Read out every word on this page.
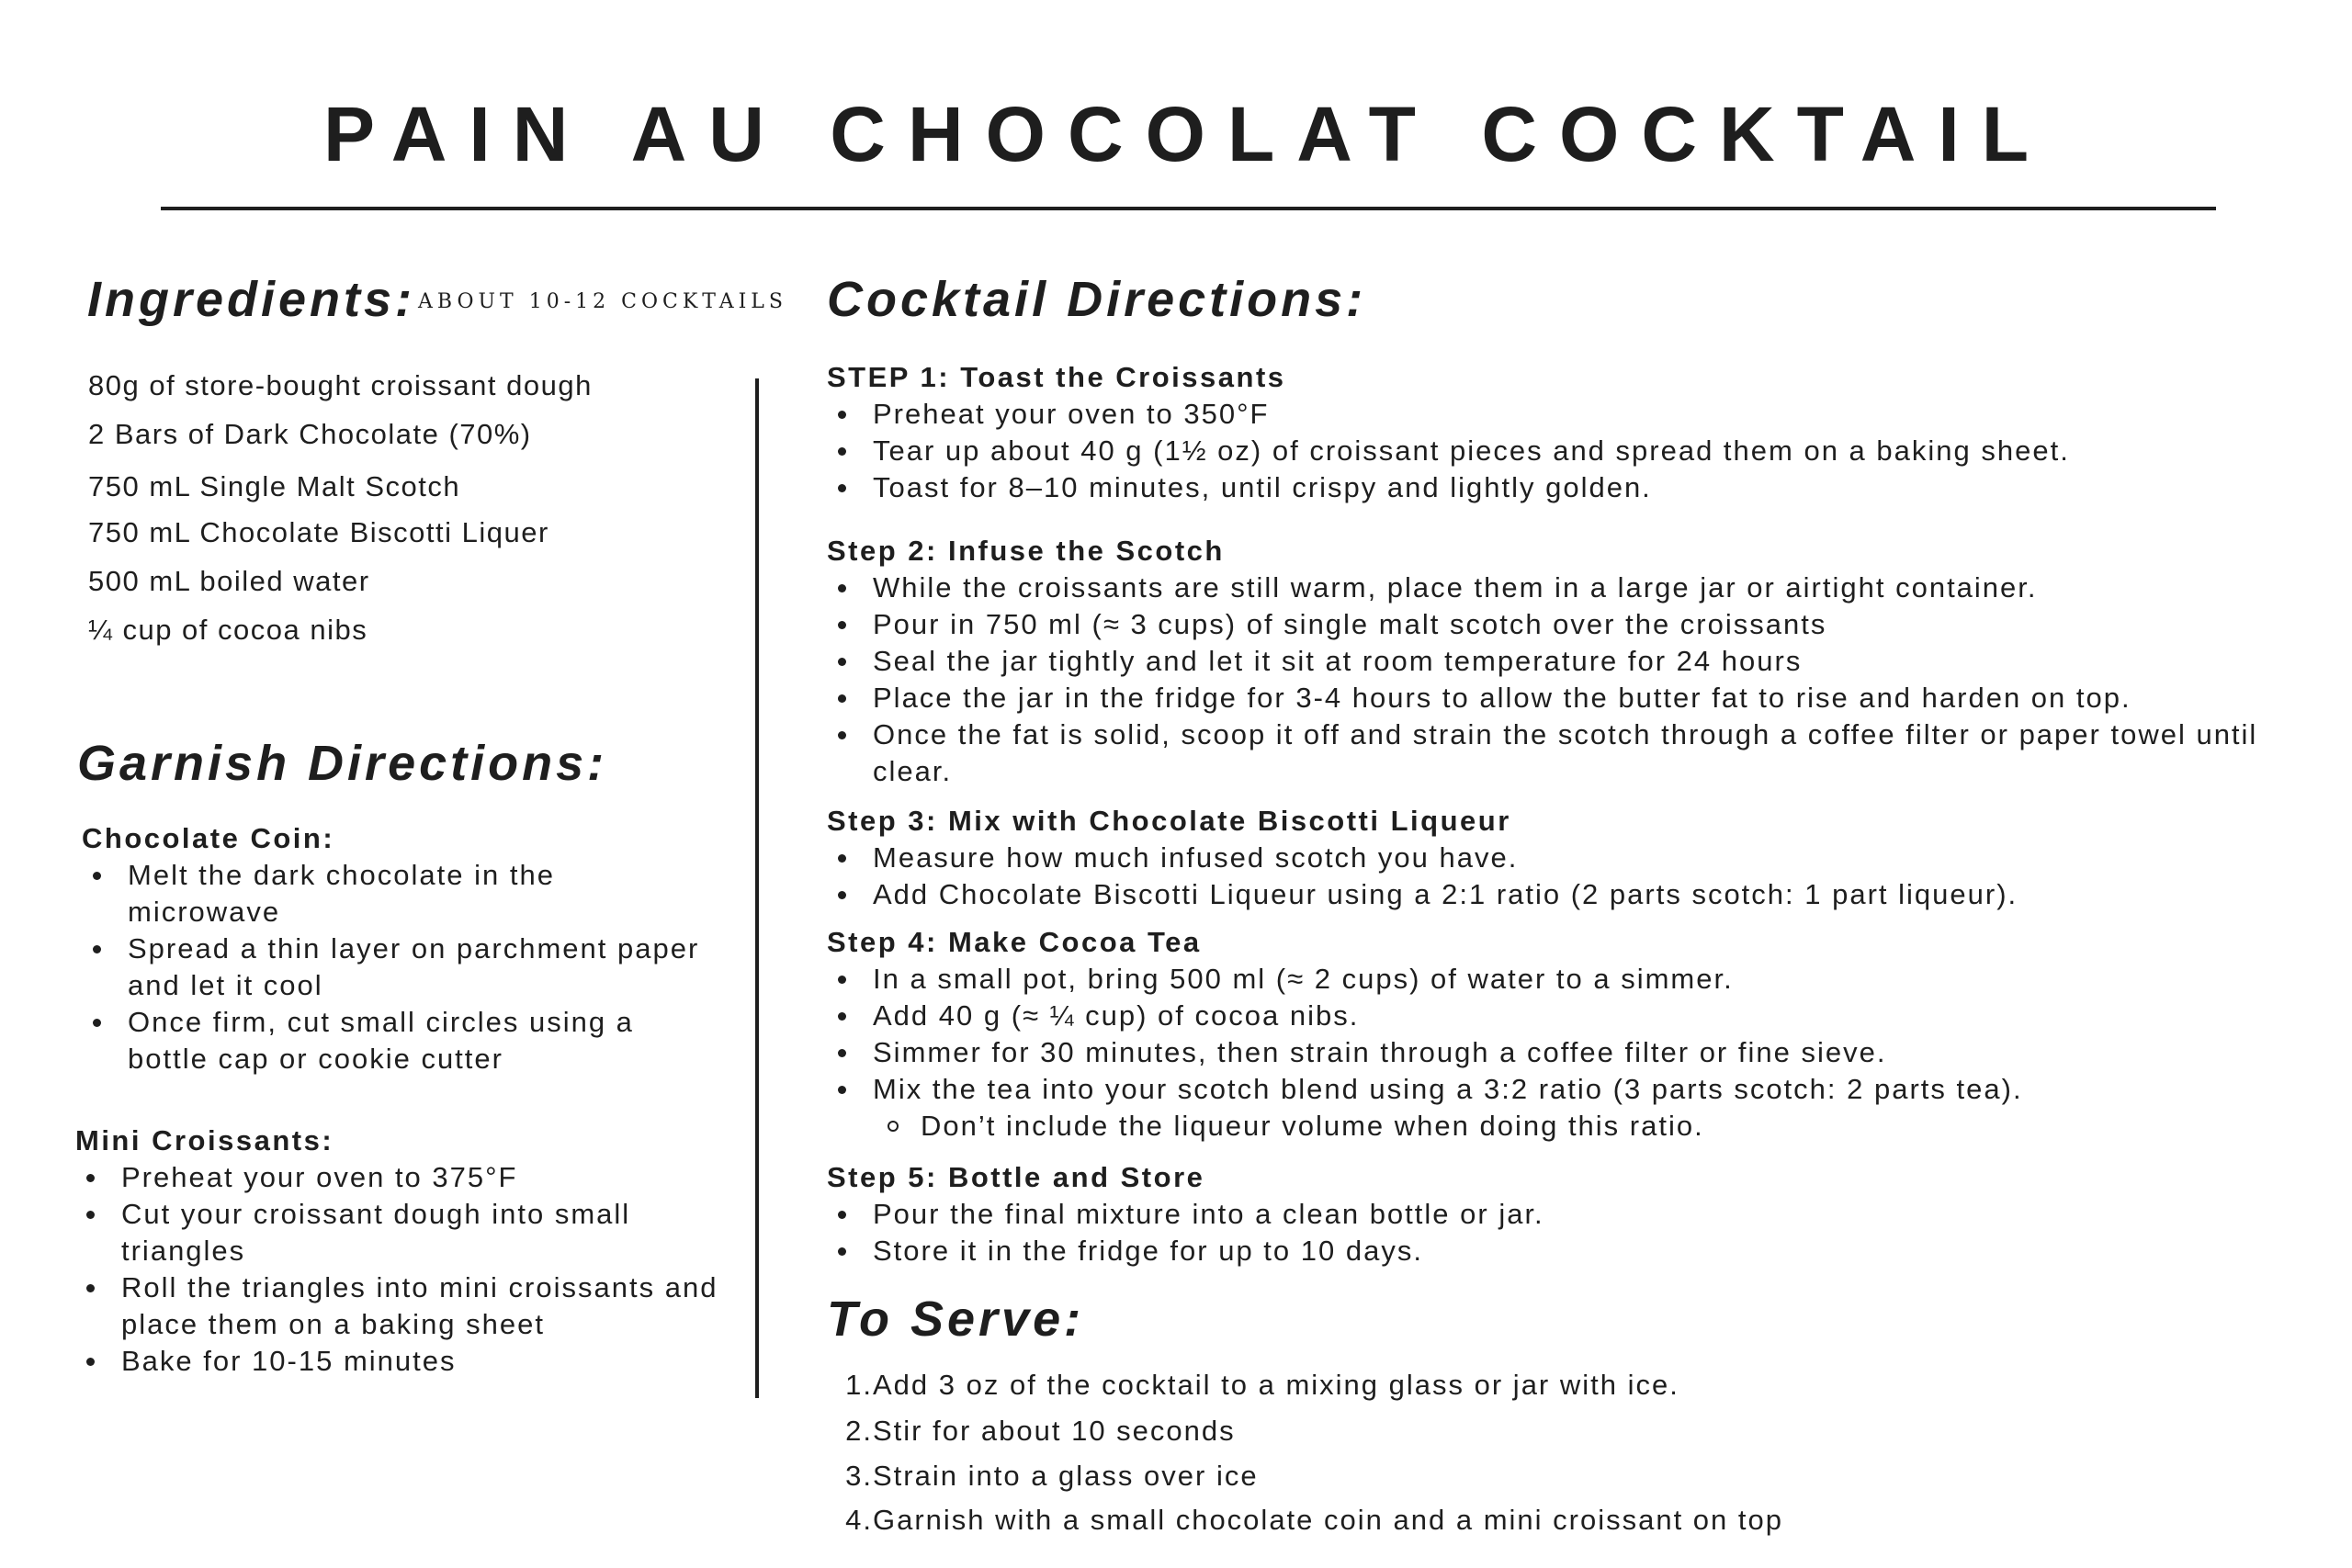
PAIN AU CHOCOLAT COCKTAIL
Ingredients: ABOUT 10-12 COCKTAILS
80g of store-bought croissant dough
2 Bars of Dark Chocolate (70%)
750 mL Single Malt Scotch
750 mL Chocolate Biscotti Liquer
500 mL boiled water
¼ cup of cocoa nibs
Garnish Directions:
Chocolate Coin:
Melt the dark chocolate in the microwave
Spread a thin layer on parchment paper and let it cool
Once firm, cut small circles using a bottle cap or cookie cutter
Mini Croissants:
Preheat your oven to 375°F
Cut your croissant dough into small triangles
Roll the triangles into mini croissants and place them on a baking sheet
Bake for 10-15 minutes
Cocktail Directions:
STEP 1: Toast the Croissants
Preheat your oven to 350°F
Tear up about 40 g (1½ oz) of croissant pieces and spread them on a baking sheet.
Toast for 8–10 minutes, until crispy and lightly golden.
Step 2: Infuse the Scotch
While the croissants are still warm, place them in a large jar or airtight container.
Pour in 750 ml (≈ 3 cups) of single malt scotch over the croissants
Seal the jar tightly and let it sit at room temperature for 24 hours
Place the jar in the fridge for 3-4 hours to allow the butter fat to rise and harden on top.
Once the fat is solid, scoop it off and strain the scotch through a coffee filter or paper towel until clear.
Step 3: Mix with Chocolate Biscotti Liqueur
Measure how much infused scotch you have.
Add Chocolate Biscotti Liqueur using a 2:1 ratio (2 parts scotch: 1 part liqueur).
Step 4: Make Cocoa Tea
In a small pot, bring 500 ml (≈ 2 cups) of water to a simmer.
Add 40 g (≈ ¼ cup) of cocoa nibs.
Simmer for 30 minutes, then strain through a coffee filter or fine sieve.
Mix the tea into your scotch blend using a 3:2 ratio (3 parts scotch: 2 parts tea).
Don’t include the liqueur volume when doing this ratio.
Step 5: Bottle and Store
Pour the final mixture into a clean bottle or jar.
Store it in the fridge for up to 10 days.
To Serve:
1.Add 3 oz of the cocktail to a mixing glass or jar with ice.
2.Stir for about 10 seconds
3.Strain into a glass over ice
4.Garnish with a small chocolate coin and a mini croissant on top
